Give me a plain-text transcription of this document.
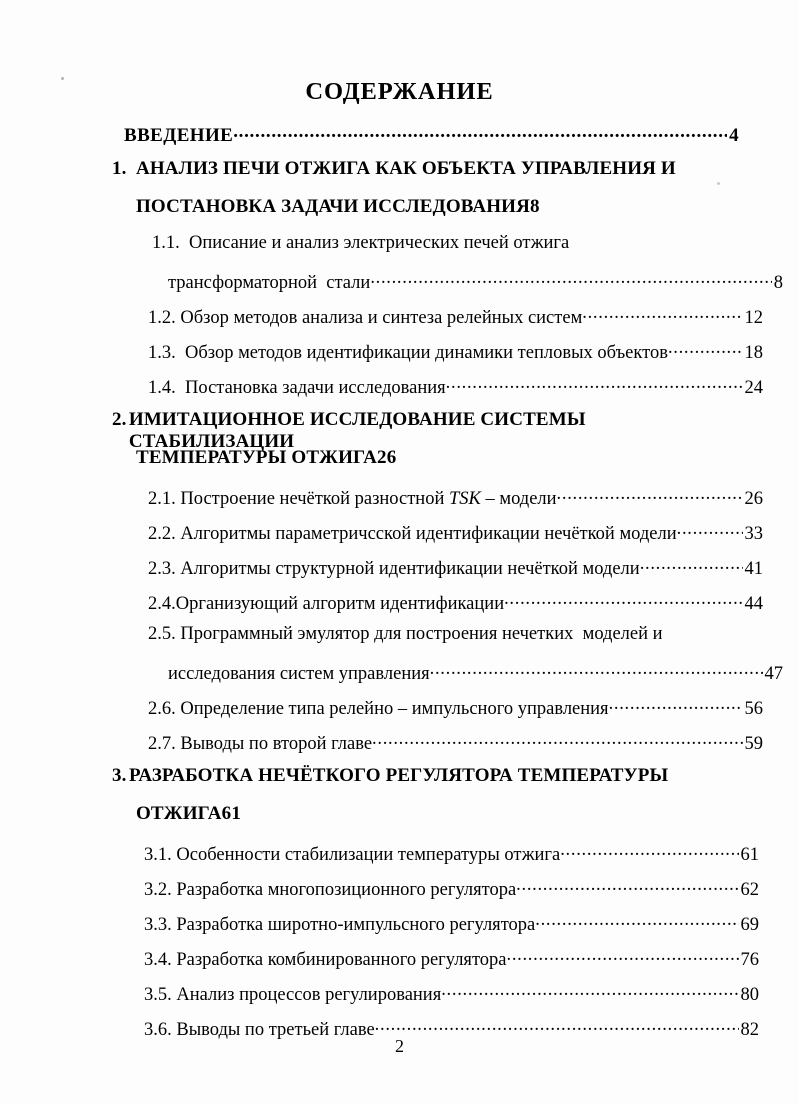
СОДЕРЖАНИЕ
ВВЕДЕНИЕ .....	4
1. АНАЛИЗ ПЕЧИ ОТЖИГА КАК ОБЪЕКТА УПРАВЛЕНИЯ И
ПОСТАНОВКА ЗАДАЧИ ИССЛЕДОВАНИЯ 8
1.1. Описание и анализ электрических печей отжига
трансформаторной  стали .....	8
1.2.
Обзор методов анализа и синтеза релейных систем .....	12
1.3.
Обзор методов идентификации динамики тепловых объектов .....	18
1.4.
Постановка задачи исследования .....	24
2. ИМИТАЦИОННОЕ ИССЛЕДОВАНИЕ СИСТЕМЫ СТАБИЛИЗАЦИИ
ТЕМПЕРАТУРЫ ОТЖИГА 26
2.1.
Построение нечёткой разностной TSK – модели .....	26
2.2.
Алгоритмы параметричсской идентификации нечёткой модели .....	33
2.3.
Алгоритмы структурной идентификации нечёткой модели .....	41
2.4. Организующий алгоритм идентификации .....	44
2.5. Программный эмулятор для построения нечетких  моделей и
исследования систем управления .....	47
2.6.
Определение типа релейно – импульсного управления .....	56
2.7.
Выводы по второй главе .....	59
3. РАЗРАБОТКА НЕЧЁТКОГО РЕГУЛЯТОРА ТЕМПЕРАТУРЫ
ОТЖИГА 61
3.1.
Особенности стабилизации температуры отжига .....	61
3.2.
Разработка многопозиционного регулятора .....	62
3.3.
Разработка широтно-импульсного регулятора .....	69
3.4.
Разработка комбинированного регулятора .....	76
3.5.
Анализ процессов регулирования .....	80
3.6.
Выводы по третьей главе .....	82
2
